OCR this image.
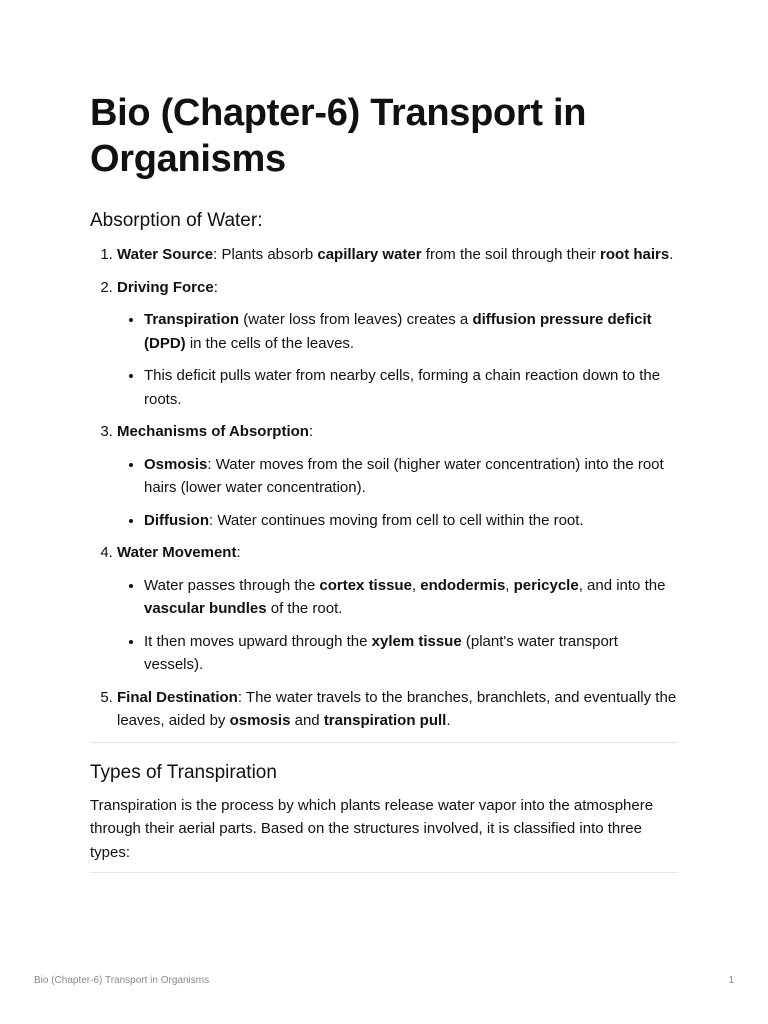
Bio (Chapter-6) Transport in Organisms
Absorption of Water:
1. Water Source: Plants absorb capillary water from the soil through their root hairs.
2. Driving Force:
• Transpiration (water loss from leaves) creates a diffusion pressure deficit (DPD) in the cells of the leaves.
• This deficit pulls water from nearby cells, forming a chain reaction down to the roots.
3. Mechanisms of Absorption:
• Osmosis: Water moves from the soil (higher water concentration) into the root hairs (lower water concentration).
• Diffusion: Water continues moving from cell to cell within the root.
4. Water Movement:
• Water passes through the cortex tissue, endodermis, pericycle, and into the vascular bundles of the root.
• It then moves upward through the xylem tissue (plant's water transport vessels).
5. Final Destination: The water travels to the branches, branchlets, and eventually the leaves, aided by osmosis and transpiration pull.
Types of Transpiration

Transpiration is the process by which plants release water vapor into the atmosphere through their aerial parts. Based on the structures involved, it is classified into three types:

Bio (Chapter-6) Transport in Organisms	1
